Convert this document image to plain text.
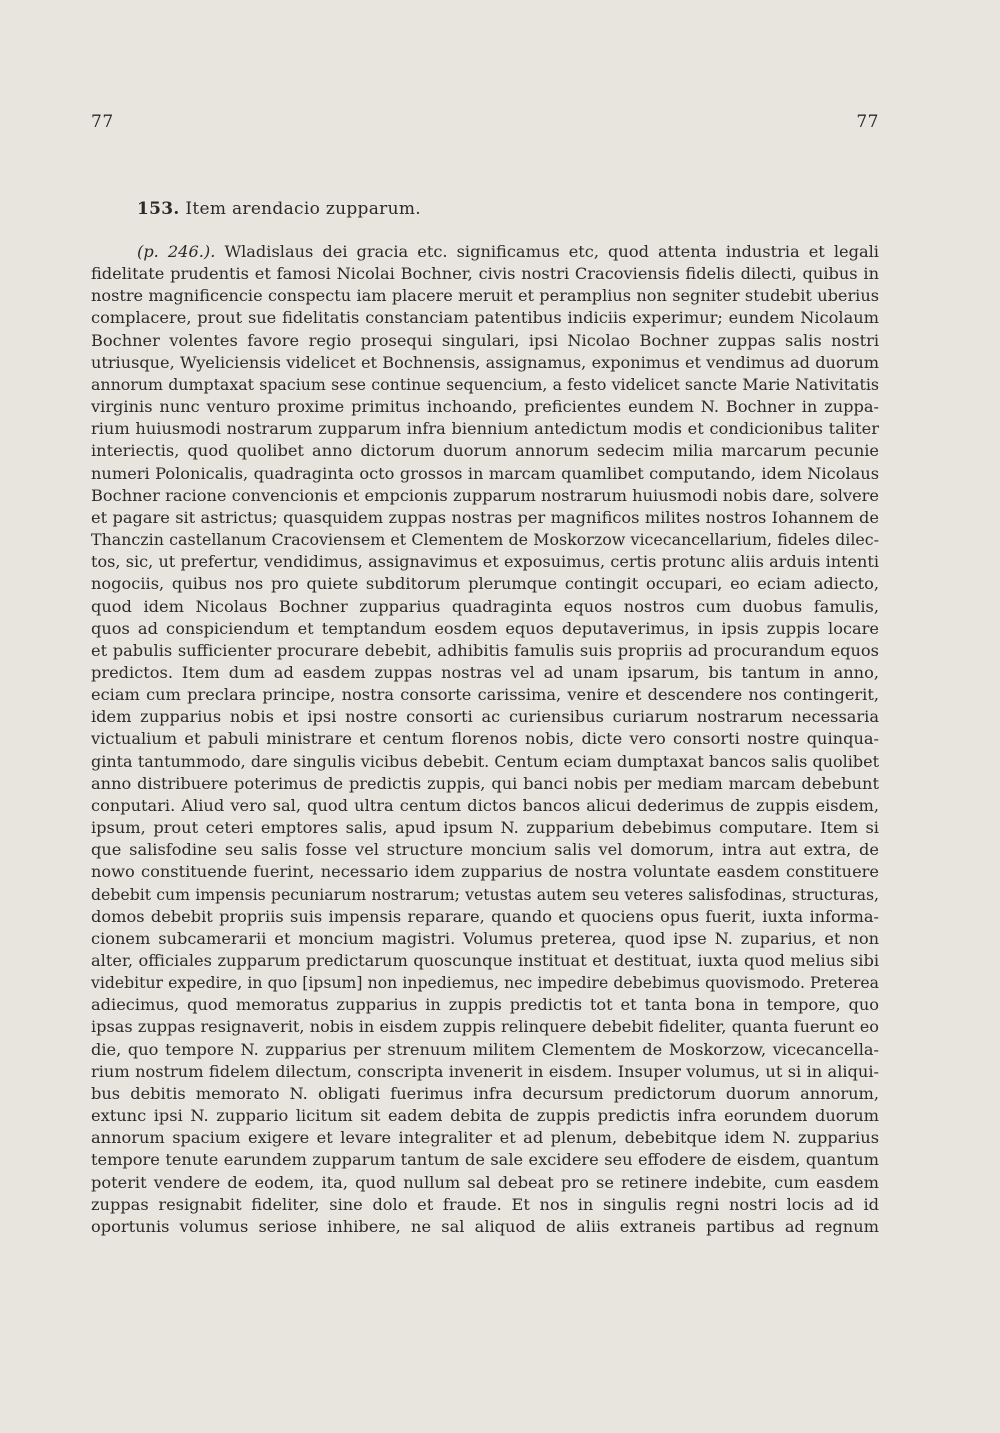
77	77
153. Item arendacio zupparum.
(p. 246.). Wladislaus dei gracia etc. significamus etc, quod attenta industria et legali
fidelitate prudentis et famosi Nicolai Bochner, civis nostri Cracoviensis fidelis dilecti, quibus in
nostre magnificencie conspectu iam placere meruit et peramplius non segniter studebit uberius
complacere, prout sue fidelitatis constanciam patentibus indiciis experimur; eundem Nicolaum
Bochner volentes favore regio prosequi singulari, ipsi Nicolao Bochner zuppas salis nostri
utriusque, Wyeliciensis videlicet et Bochnensis, assignamus, exponimus et vendimus ad duorum
annorum dumptaxat spacium sese continue sequencium, a festo videlicet sancte Marie Nativitatis
virginis nunc venturo proxime primitus inchoando, preficientes eundem N. Bochner in zuppa-
rium huiusmodi nostrarum zupparum infra biennium antedictum modis et condicionibus taliter
interiectis, quod quolibet anno dictorum duorum annorum sedecim milia marcarum pecunie
numeri Polonicalis, quadraginta octo grossos in marcam quamlibet computando, idem Nicolaus
Bochner racione convencionis et empcionis zupparum nostrarum huiusmodi nobis dare, solvere
et pagare sit astrictus; quasquidem zuppas nostras per magnificos milites nostros Iohannem de
Thanczin castellanum Cracoviensem et Clementem de Moskorzow vicecancellarium, fideles dilec-
tos, sic, ut prefertur, vendidimus, assignavimus et exposuimus, certis protunc aliis arduis intenti
nogociis, quibus nos pro quiete subditorum plerumque contingit occupari, eo eciam adiecto,
quod idem Nicolaus Bochner zupparius quadraginta equos nostros cum duobus famulis,
quos ad conspiciendum et temptandum eosdem equos deputaverimus, in ipsis zuppis locare
et pabulis sufficienter procurare debebit, adhibitis famulis suis propriis ad procurandum equos
predictos. Item dum ad easdem zuppas nostras vel ad unam ipsarum, bis tantum in anno,
eciam cum preclara principe, nostra consorte carissima, venire et descendere nos contingerit,
idem zupparius nobis et ipsi nostre consorti ac curiensibus curiarum nostrarum necessaria
victualium et pabuli ministrare et centum florenos nobis, dicte vero consorti nostre quinqua-
ginta tantummodo, dare singulis vicibus debebit. Centum eciam dumptaxat bancos salis quolibet
anno distribuere poterimus de predictis zuppis, qui banci nobis per mediam marcam debebunt
conputari. Aliud vero sal, quod ultra centum dictos bancos alicui dederimus de zuppis eisdem,
ipsum, prout ceteri emptores salis, apud ipsum N. zupparium debebimus computare. Item si
que salisfodine seu salis fosse vel structure moncium salis vel domorum, intra aut extra, de
nowo constituende fuerint, necessario idem zupparius de nostra voluntate easdem constituere
debebit cum impensis pecuniarum nostrarum; vetustas autem seu veteres salisfodinas, structuras,
domos debebit propriis suis impensis reparare, quando et quociens opus fuerit, iuxta informa-
cionem subcamerarii et moncium magistri. Volumus preterea, quod ipse N. zuparius, et non
alter, officiales zupparum predictarum quoscunque instituat et destituat, iuxta quod melius sibi
videbitur expedire, in quo [ipsum] non inpediemus, nec impedire debebimus quovismodo. Preterea
adiecimus, quod memoratus zupparius in zuppis predictis tot et tanta bona in tempore, quo
ipsas zuppas resignaverit, nobis in eisdem zuppis relinquere debebit fideliter, quanta fuerunt eo
die, quo tempore N. zupparius per strenuum militem Clementem de Moskorzow, vicecancella-
rium nostrum fidelem dilectum, conscripta invenerit in eisdem. Insuper volumus, ut si in aliqui-
bus debitis memorato N. obligati fuerimus infra decursum predictorum duorum annorum,
extunc ipsi N. zuppario licitum sit eadem debita de zuppis predictis infra eorundem duorum
annorum spacium exigere et levare integraliter et ad plenum, debebitque idem N. zupparius
tempore tenute earundem zupparum tantum de sale excidere seu effodere de eisdem, quantum
poterit vendere de eodem, ita, quod nullum sal debeat pro se retinere indebite, cum easdem
zuppas resignabit fideliter, sine dolo et fraude. Et nos in singulis regni nostri locis ad id
oportunis volumus seriose inhibere, ne sal aliquod de aliis extraneis partibus ad regnum
